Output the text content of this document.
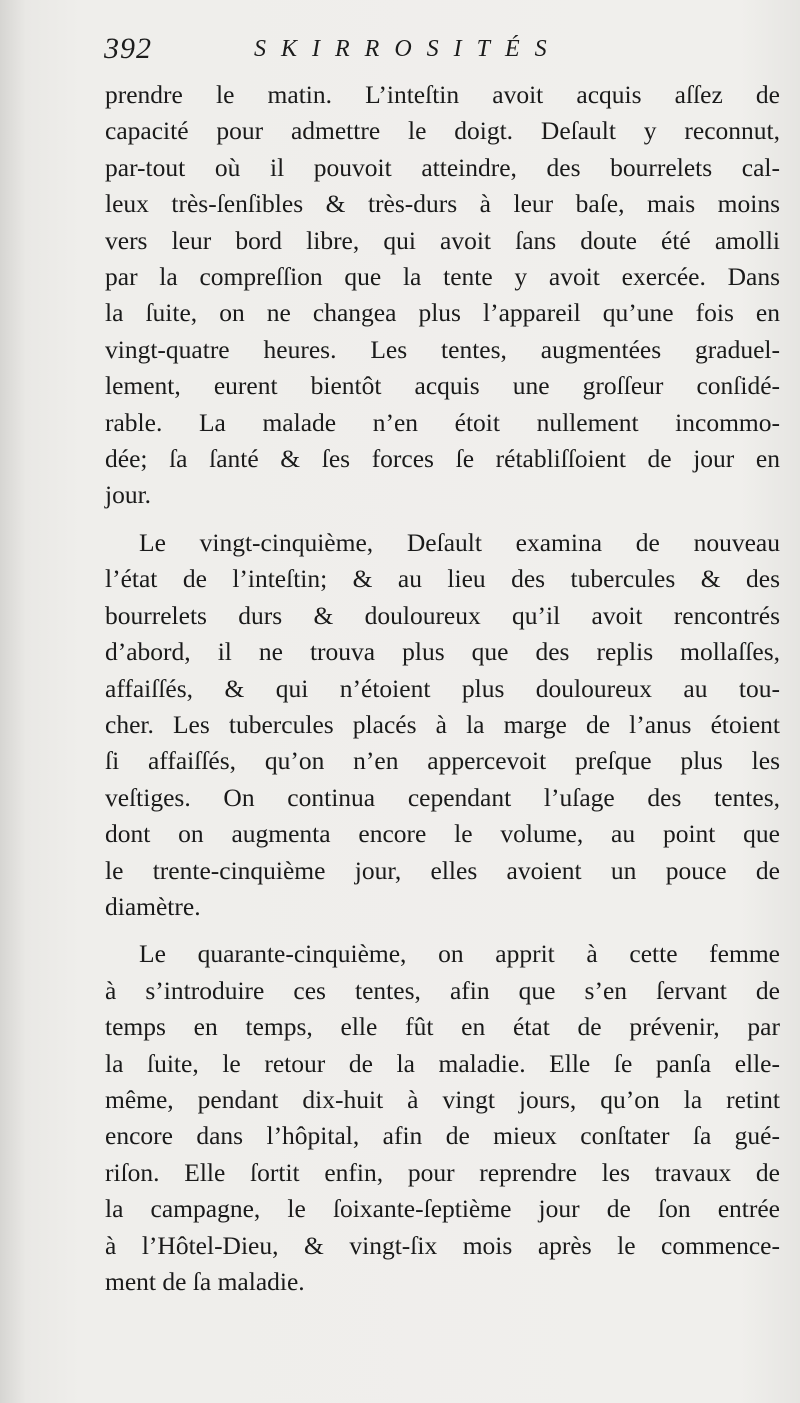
392	SKIRROSITÉS

prendre le matin. L’inteſtin avoit acquis aſſez de
capacité pour admettre le doigt. Deſault y reconnut,
par-tout où il pouvoit atteindre, des bourrelets cal-
leux très-ſenſibles & très-durs à leur baſe, mais moins
vers leur bord libre, qui avoit ſans doute été amolli
par la compreſſion que la tente y avoit exercée. Dans
la ſuite, on ne changea plus l’appareil qu’une fois en
vingt-quatre heures. Les tentes, augmentées graduel-
lement, eurent bientôt acquis une groſſeur conſidé-
rable. La malade n’en étoit nullement incommo-
dée; ſa ſanté & ſes forces ſe rétabliſſoient de jour en
jour.

Le vingt-cinquième, Deſault examina de nouveau
l’état de l’inteſtin; & au lieu des tubercules & des
bourrelets durs & douloureux qu’il avoit rencontrés
d’abord, il ne trouva plus que des replis mollaſſes,
affaiſſés, & qui n’étoient plus douloureux au tou-
cher. Les tubercules placés à la marge de l’anus étoient
ſi affaiſſés, qu’on n’en appercevoit preſque plus les
veſtiges. On continua cependant l’uſage des tentes,
dont on augmenta encore le volume, au point que
le trente-cinquième jour, elles avoient un pouce de
diamètre.

Le quarante-cinquième, on apprit à cette femme
à s’introduire ces tentes, afin que s’en ſervant de
temps en temps, elle fût en état de prévenir, par
la ſuite, le retour de la maladie. Elle ſe panſa elle-
même, pendant dix-huit à vingt jours, qu’on la retint
encore dans l’hôpital, afin de mieux conſtater ſa gué-
riſon. Elle ſortit enfin, pour reprendre les travaux de
la campagne, le ſoixante-ſeptième jour de ſon entrée
à l’Hôtel-Dieu, & vingt-ſix mois après le commence-
ment de ſa maladie.
